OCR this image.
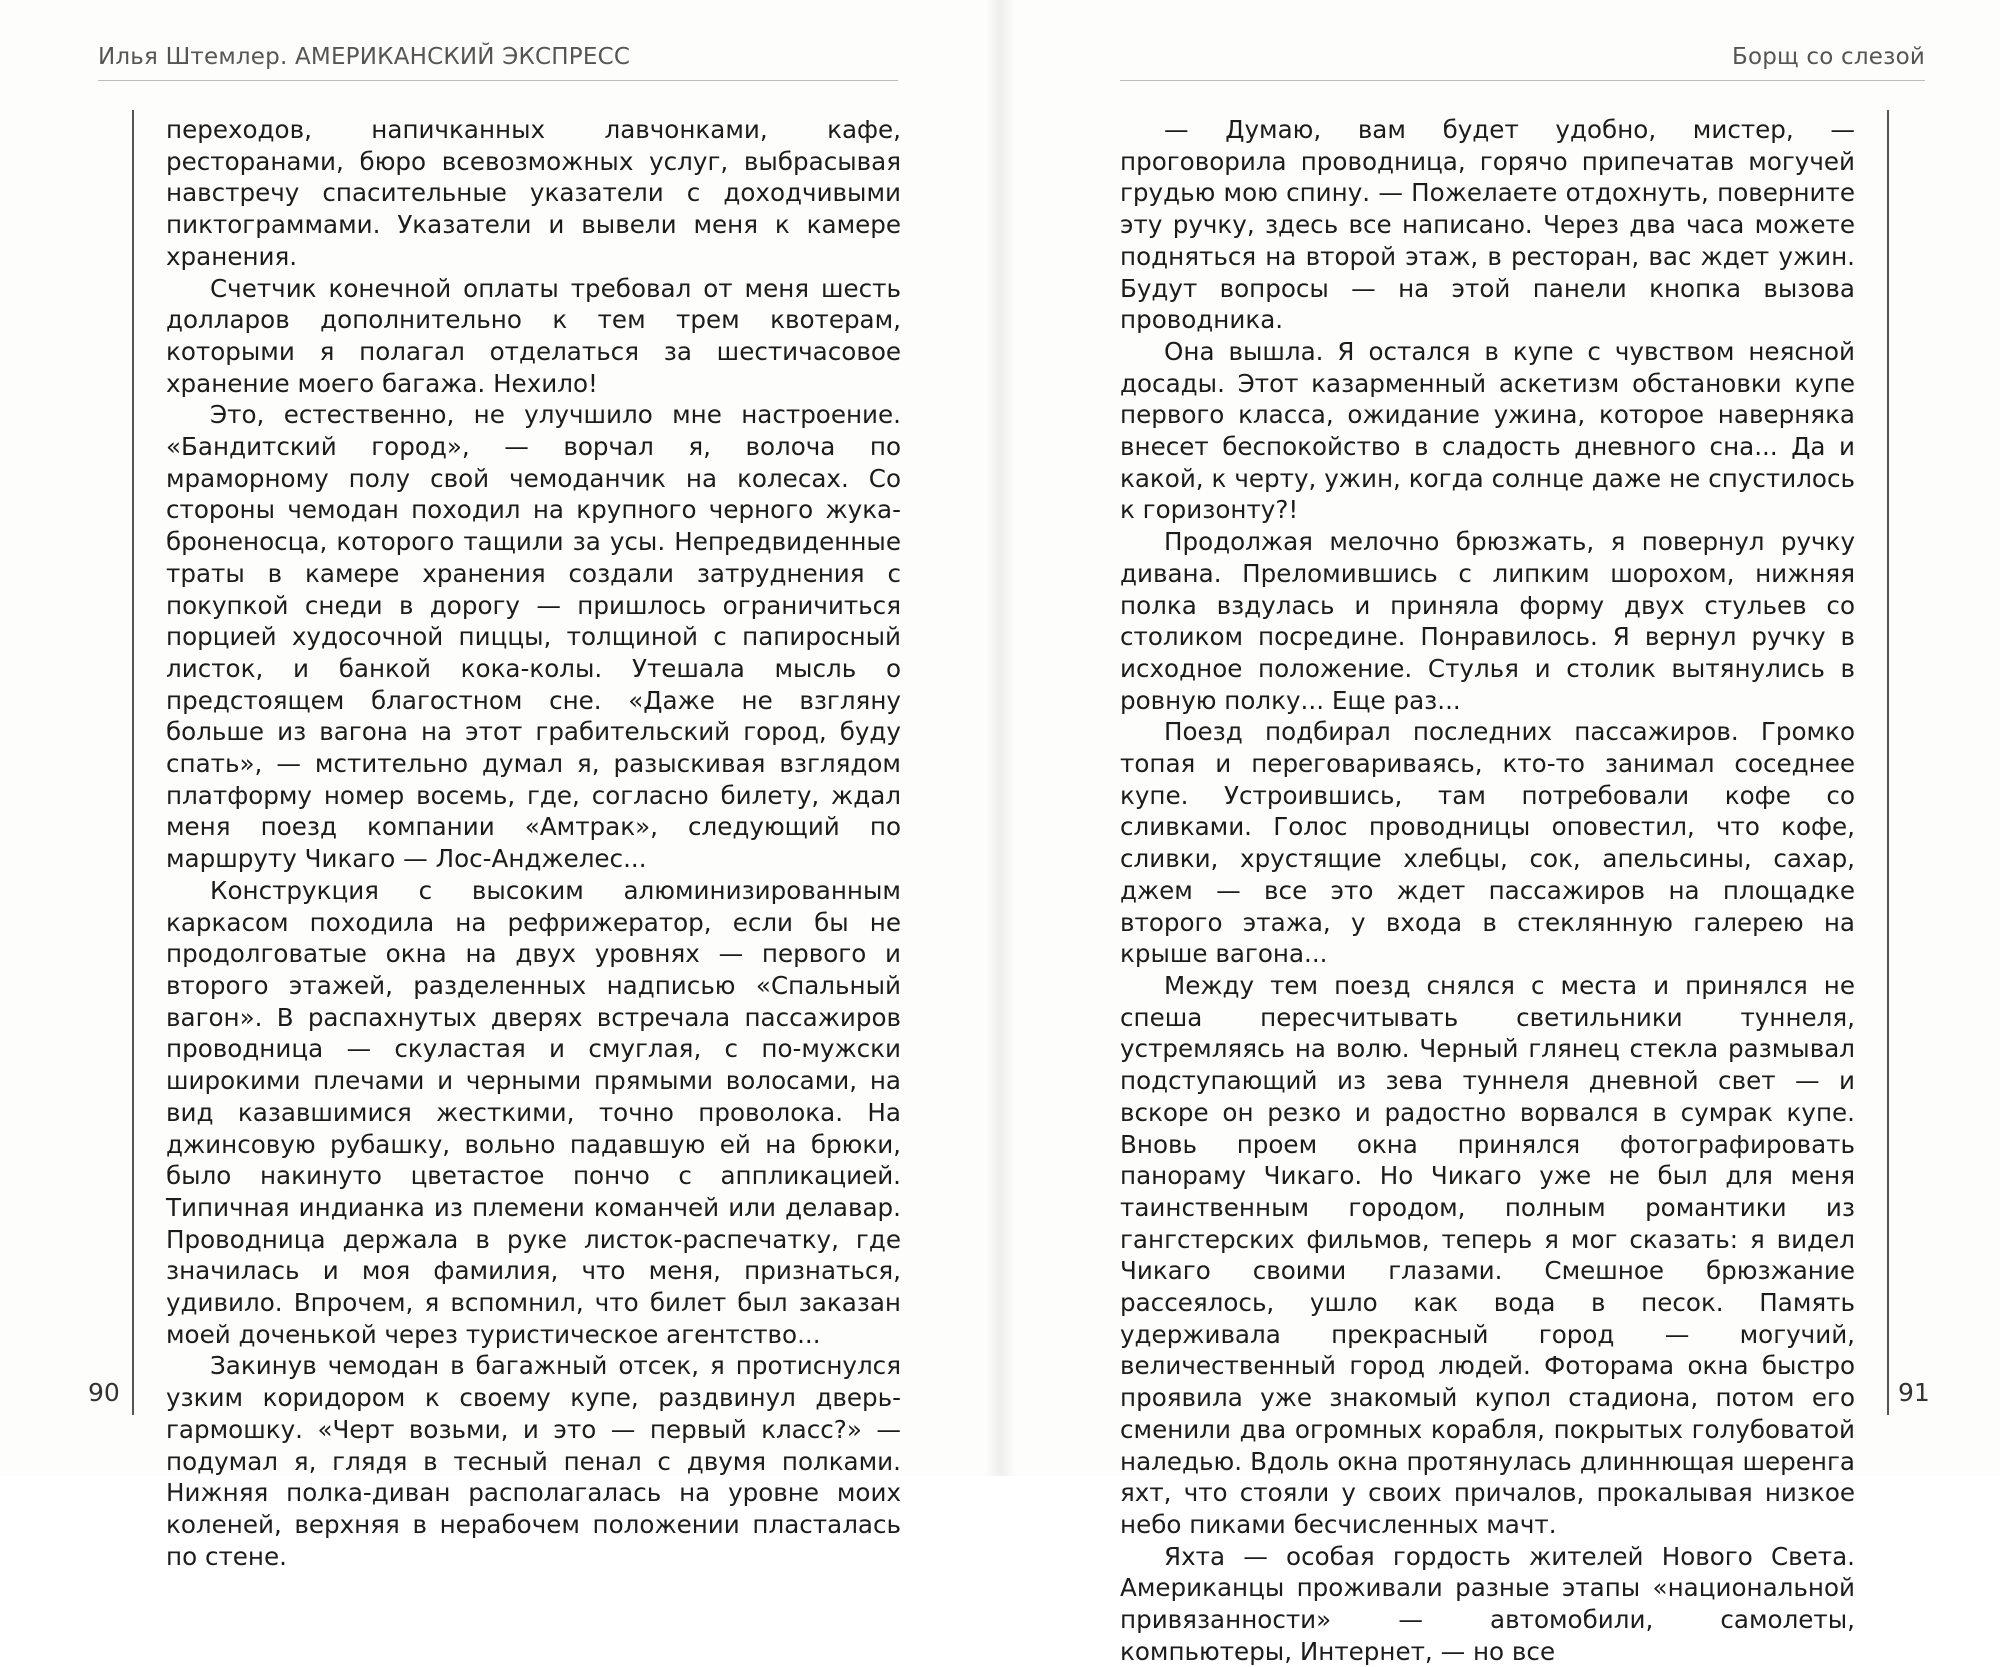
Илья Штемлер. АМЕРИКАНСКИЙ ЭКСПРЕСС

переходов, напичканных лавчонками, кафе, ресторанами, бюро всевозможных услуг, выбрасывая навстречу спасительные указатели с доходчивыми пиктограммами. Указатели и вывели меня к камере хранения.

Счетчик конечной оплаты требовал от меня шесть долларов дополнительно к тем трем квотерам, которыми я полагал отделаться за шестичасовое хранение моего багажа. Нехило!

Это, естественно, не улучшило мне настроение. «Бандитский город», — ворчал я, волоча по мраморному полу свой чемоданчик на колесах. Со стороны чемодан походил на крупного черного жука-броненосца, которого тащили за усы. Непредвиденные траты в камере хранения создали затруднения с покупкой снеди в дорогу — пришлось ограничиться порцией худосочной пиццы, толщиной с папиросный листок, и банкой кока-колы. Утешала мысль о предстоящем благостном сне. «Даже не взгляну больше из вагона на этот грабительский город, буду спать», — мстительно думал я, разыскивая взглядом платформу номер восемь, где, согласно билету, ждал меня поезд компании «Амтрак», следующий по маршруту Чикаго — Лос-Анджелес...

Конструкция с высоким алюминизированным каркасом походила на рефрижератор, если бы не продолговатые окна на двух уровнях — первого и второго этажей, разделенных надписью «Спальный вагон». В распахнутых дверях встречала пассажиров проводница — скуластая и смуглая, с по-мужски широкими плечами и черными прямыми волосами, на вид казавшимися жесткими, точно проволока. На джинсовую рубашку, вольно падавшую ей на брюки, было накинуто цветастое пончо с аппликацией. Типичная индианка из племени команчей или делавар. Проводница держала в руке листок-распечатку, где значилась и моя фамилия, что меня, признаться, удивило. Впрочем, я вспомнил, что билет был заказан моей доченькой через туристическое агентство...

Закинув чемодан в багажный отсек, я протиснулся узким коридором к своему купе, раздвинул дверь-гармошку. «Черт возьми, и это — первый класс?» — подумал я, глядя в тесный пенал с двумя полками. Нижняя полка-диван располагалась на уровне моих коленей, верхняя в нерабочем положении пласталась по стене.

90
Борщ со слезой

— Думаю, вам будет удобно, мистер, — проговорила проводница, горячо припечатав могучей грудью мою спину. — Пожелаете отдохнуть, поверните эту ручку, здесь все написано. Через два часа можете подняться на второй этаж, в ресторан, вас ждет ужин. Будут вопросы — на этой панели кнопка вызова проводника.

Она вышла. Я остался в купе с чувством неясной досады. Этот казарменный аскетизм обстановки купе первого класса, ожидание ужина, которое наверняка внесет беспокойство в сладость дневного сна... Да и какой, к черту, ужин, когда солнце даже не спустилось к горизонту?!

Продолжая мелочно брюзжать, я повернул ручку дивана. Преломившись с липким шорохом, нижняя полка вздулась и приняла форму двух стульев со столиком посредине. Понравилось. Я вернул ручку в исходное положение. Стулья и столик вытянулись в ровную полку... Еще раз...

Поезд подбирал последних пассажиров. Громко топая и переговариваясь, кто-то занимал соседнее купе. Устроившись, там потребовали кофе со сливками. Голос проводницы оповестил, что кофе, сливки, хрустящие хлебцы, сок, апельсины, сахар, джем — все это ждет пассажиров на площадке второго этажа, у входа в стеклянную галерею на крыше вагона...

Между тем поезд снялся с места и принялся не спеша пересчитывать светильники туннеля, устремляясь на волю. Черный глянец стекла размывал подступающий из зева туннеля дневной свет — и вскоре он резко и радостно ворвался в сумрак купе. Вновь проем окна принялся фотографировать панораму Чикаго. Но Чикаго уже не был для меня таинственным городом, полным романтики из гангстерских фильмов, теперь я мог сказать: я видел Чикаго своими глазами. Смешное брюзжание рассеялось, ушло как вода в песок. Память удерживала прекрасный город — могучий, величественный город людей. Фоторама окна быстро проявила уже знакомый купол стадиона, потом его сменили два огромных корабля, покрытых голубоватой наледью. Вдоль окна протянулась длиннющая шеренга яхт, что стояли у своих причалов, прокалывая низкое небо пиками бесчисленных мачт.

Яхта — особая гордость жителей Нового Света. Американцы проживали разные этапы «национальной привязанности» — автомобили, самолеты, компьютеры, Интернет, — но все

91
